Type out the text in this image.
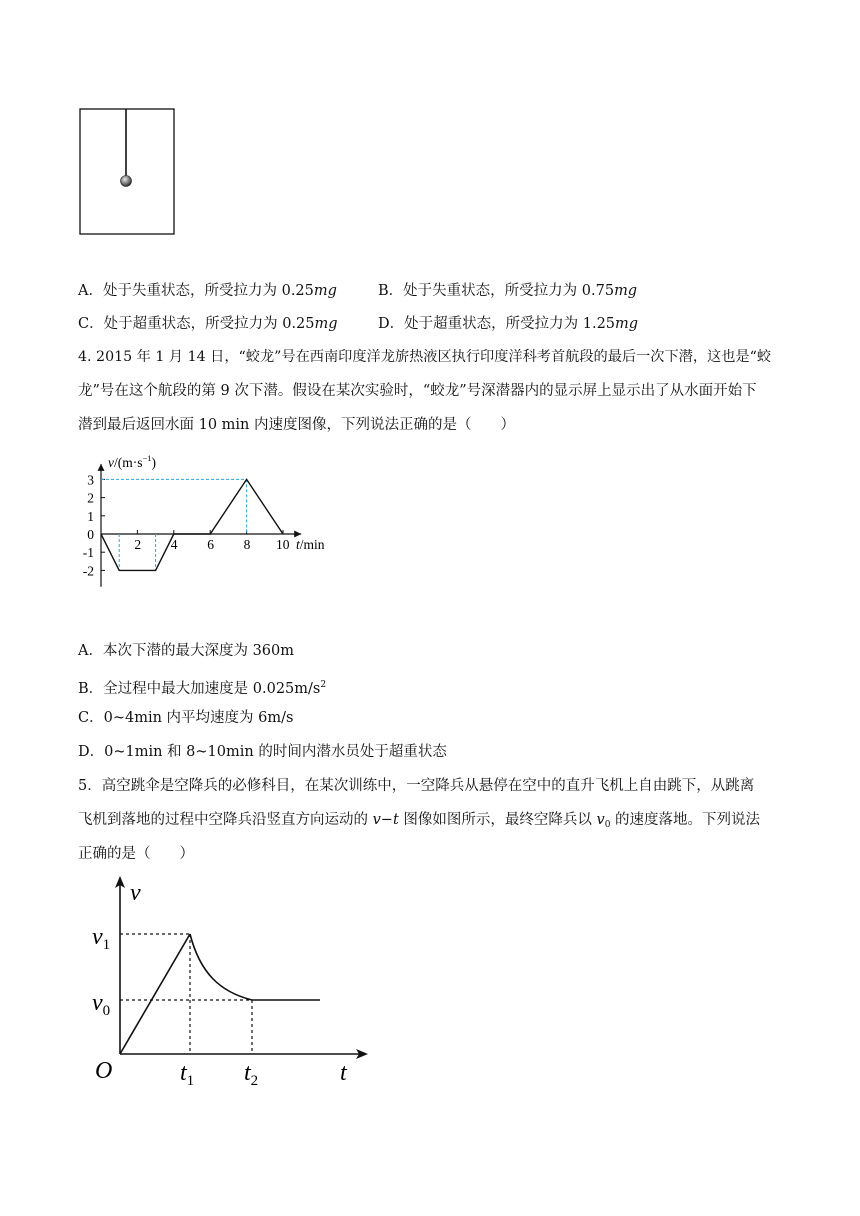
A．处于失重状态，所受拉力为 0.25mg	B．处于失重状态，所受拉力为 0.75mg
C．处于超重状态，所受拉力为 0.25mg	D．处于超重状态，所受拉力为 1.25mg
4. 2015 年 1 月 14 日，“蛟龙”号在西南印度洋龙旂热液区执行印度洋科考首航段的最后一次下潜，这也是“蛟
龙”号在这个航段的第 9 次下潜。假设在某次实验时，“蛟龙”号深潜器内的显示屏上显示出了从水面开始下
潜到最后返回水面 10 min 内速度图像，下列说法正确的是（　　）
$v/(m\cdot s^{-1})$
t/min
3
2
1
0
-1
-2
2 4 6 8 10
A．本次下潜的最大深度为 360m
B．全过程中最大加速度是 $0.025m/s^2$
C．0~4min 内平均速度为 6m/s
D．0~1min 和 8~10min 的时间内潜水员处于超重状态
5．高空跳伞是空降兵的必修科目，在某次训练中，一空降兵从悬停在空中的直升飞机上自由跳下，从跳离
飞机到落地的过程中空降兵沿竖直方向运动的 v−t 图像如图所示，最终空降兵以 $v_0$ 的速度落地。下列说法
正确的是（　　）
v
t
O
$v_1$
$v_0$
$t_1$ $t_2$
